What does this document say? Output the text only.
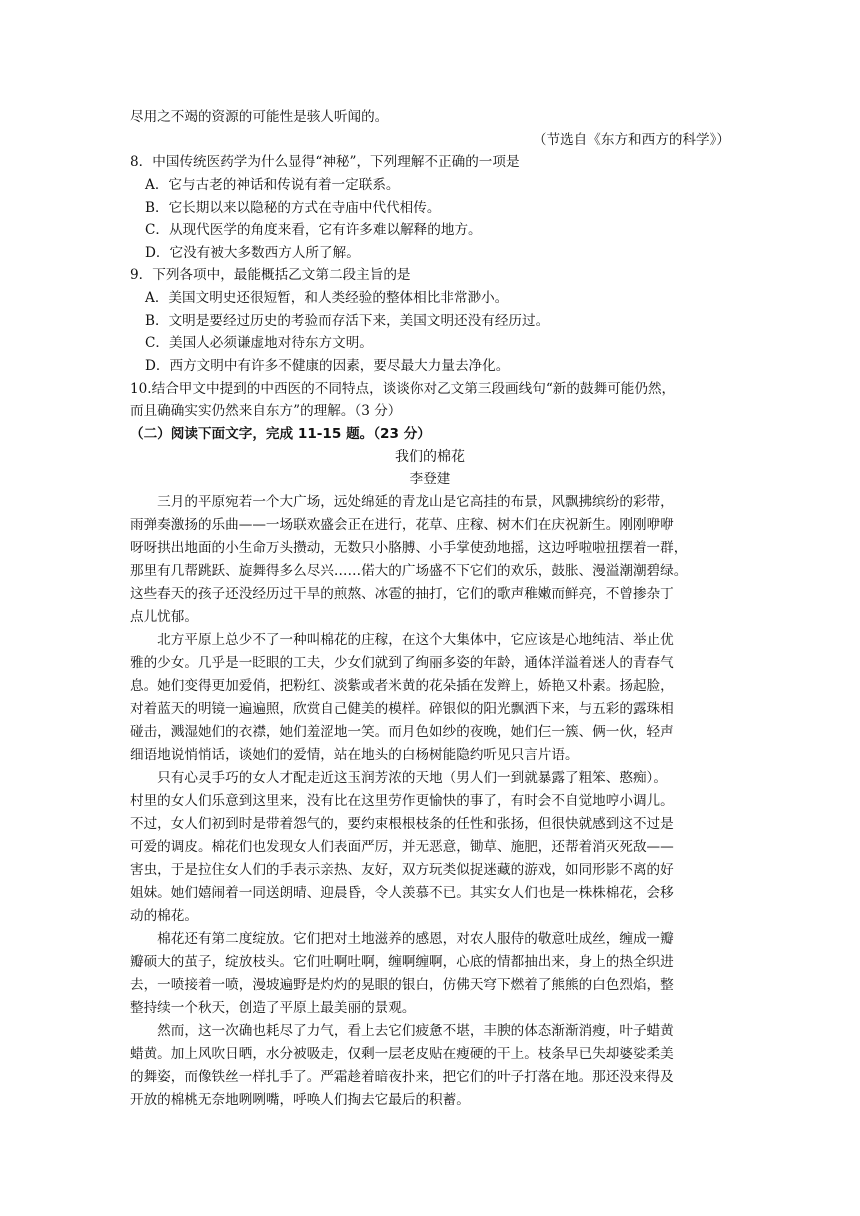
尽用之不竭的资源的可能性是骇人听闻的。
（节选自《东方和西方的科学》）
8．中国传统医药学为什么显得“神秘”，下列理解不正确的一项是
A．它与古老的神话和传说有着一定联系。
B．它长期以来以隐秘的方式在寺庙中代代相传。
C．从现代医学的角度来看，它有许多难以解释的地方。
D．它没有被大多数西方人所了解。
9．下列各项中，最能概括乙文第二段主旨的是
A．美国文明史还很短暂，和人类经验的整体相比非常渺小。
B．文明是要经过历史的考验而存活下来，美国文明还没有经历过。
C．美国人必须谦虚地对待东方文明。
D．西方文明中有许多不健康的因素，要尽最大力量去净化。
10.结合甲文中提到的中西医的不同特点，谈谈你对乙文第三段画线句“新的鼓舞可能仍然，
而且确确实实仍然来自东方”的理解。（3 分）
（二）阅读下面文字，完成 11-15 题。（23 分）
我们的棉花
李登建
　　三月的平原宛若一个大广场，远处绵延的青龙山是它高挂的布景，风飘拂缤纷的彩带，
雨弹奏激扬的乐曲——一场联欢盛会正在进行，花草、庄稼、树木们在庆祝新生。刚刚咿咿
呀呀拱出地面的小生命万头攒动，无数只小胳膊、小手掌使劲地摇，这边呼啦啦扭摆着一群，
那里有几帮跳跃、旋舞得多么尽兴……偌大的广场盛不下它们的欢乐，鼓胀、漫溢潮潮碧绿。
这些春天的孩子还没经历过干旱的煎熬、冰雹的抽打，它们的歌声稚嫩而鲜亮，不曾掺杂丁
点儿忧郁。
　　北方平原上总少不了一种叫棉花的庄稼，在这个大集体中，它应该是心地纯洁、举止优
雅的少女。几乎是一眨眼的工夫，少女们就到了绚丽多姿的年龄，通体洋溢着迷人的青春气
息。她们变得更加爱俏，把粉红、淡紫或者米黄的花朵插在发辫上，娇艳又朴素。扬起脸，
对着蓝天的明镜一遍遍照，欣赏自己健美的模样。碎银似的阳光飘洒下来，与五彩的露珠相
碰击，溅湿她们的衣襟，她们羞涩地一笑。而月色如纱的夜晚，她们仨一簇、俩一伙，轻声
细语地说悄悄话，谈她们的爱情，站在地头的白杨树能隐约听见只言片语。
　　只有心灵手巧的女人才配走近这玉润芳浓的天地（男人们一到就暴露了粗笨、憨痴）。
村里的女人们乐意到这里来，没有比在这里劳作更愉快的事了，有时会不自觉地哼小调儿。
不过，女人们初到时是带着怨气的，要约束根根枝条的任性和张扬，但很快就感到这不过是
可爱的调皮。棉花们也发现女人们表面严厉，并无恶意，锄草、施肥，还帮着消灭死敌——
害虫，于是拉住女人们的手表示亲热、友好，双方玩类似捉迷藏的游戏，如同形影不离的好
姐妹。她们嬉闹着一同送朗晴、迎晨昏，令人羡慕不已。其实女人们也是一株株棉花，会移
动的棉花。
　　棉花还有第二度绽放。它们把对土地滋养的感恩，对农人服侍的敬意吐成丝，缠成一瓣
瓣硕大的茧子，绽放枝头。它们吐啊吐啊，缠啊缠啊，心底的情都抽出来，身上的热全织进
去，一喷接着一喷，漫坡遍野是灼灼的晃眼的银白，仿佛天穹下燃着了熊熊的白色烈焰，整
整持续一个秋天，创造了平原上最美丽的景观。
　　然而，这一次确也耗尽了力气，看上去它们疲惫不堪，丰腴的体态渐渐消瘦，叶子蜡黄
蜡黄。加上风吹日晒，水分被吸走，仅剩一层老皮贴在瘦硬的干上。枝条早已失却婆娑柔美
的舞姿，而像铁丝一样扎手了。严霜趁着暗夜扑来，把它们的叶子打落在地。那还没来得及
开放的棉桃无奈地咧咧嘴，呼唤人们掏去它最后的积蓄。
